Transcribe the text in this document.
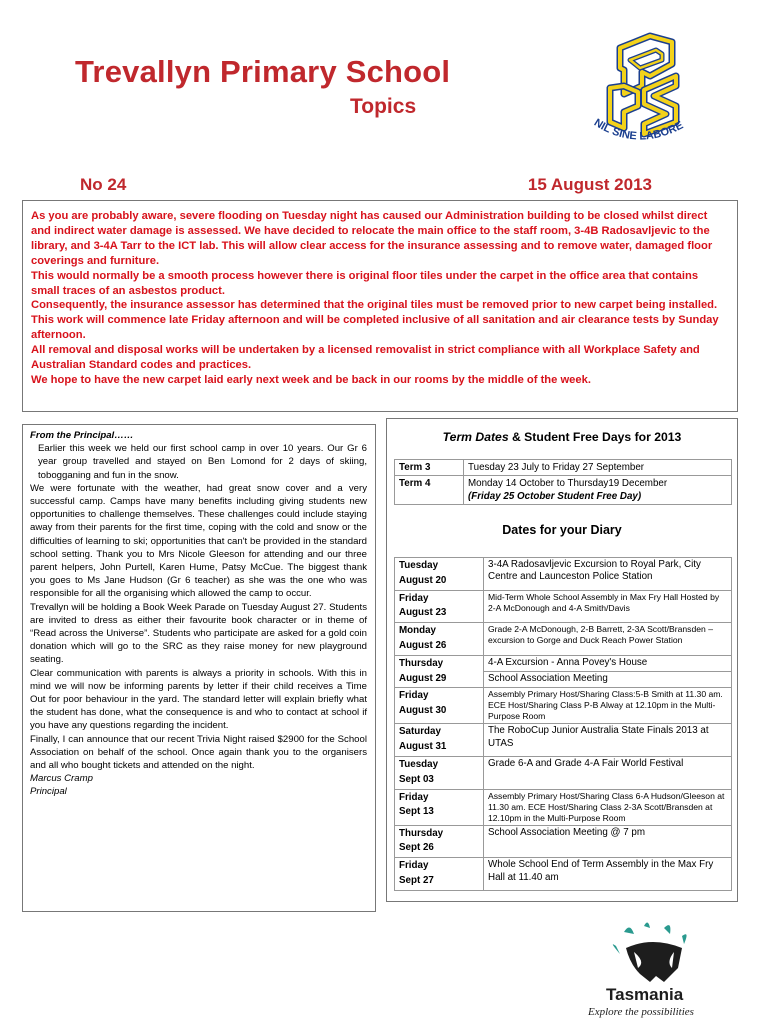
Trevallyn Primary School
Topics
No 24	15 August 2013
NIL SINE LABORE

As you are probably aware, severe flooding on Tuesday night has caused our Administration building to be closed whilst direct and indirect water damage is assessed. We have decided to relocate the main office to the staff room, 3-4B Radosavljevic to the library, and 3-4A Tarr to the ICT lab. This will allow clear access for the insurance assessing and to remove water, damaged floor coverings and furniture.

This would normally be a smooth process however there is original floor tiles under the carpet in the office area that contains small traces of an asbestos product.

Consequently, the insurance assessor has determined that the original tiles must be removed prior to new carpet being installed.

This work will commence late Friday afternoon and will be completed inclusive of all sanitation and air clearance tests by Sunday afternoon.

All removal and disposal works will be undertaken by a licensed removalist in strict compliance with all Workplace Safety and Australian Standard codes and practices.

We hope to have the new carpet laid early next week and be back in our rooms by the middle of the week.

From the Principal……

Earlier this week we held our first school camp in over 10 years. Our Gr 6 year group travelled and stayed on Ben Lomond for 2 days of skiing, tobogganing and fun in the snow.

We were fortunate with the weather, had great snow cover and a very successful camp. Camps have many benefits including giving students new opportunities to challenge themselves. These challenges could include staying away from their parents for the first time, coping with the cold and snow or the difficulties of learning to ski; opportunities that can't be provided in the standard school setting. Thank you to Mrs Nicole Gleeson for attending and our three parent helpers, John Purtell, Karen Hume, Patsy McCue. The biggest thank you goes to Ms Jane Hudson (Gr 6 teacher) as she was the one who was responsible for all the organising which allowed the camp to occur.

Trevallyn will be holding a Book Week Parade on Tuesday August 27. Students are invited to dress as either their favourite book character or in theme of “Read across the Universe”. Students who participate are asked for a gold coin donation which will go to the SRC as they raise money for new playground seating.

Clear communication with parents is always a priority in schools. With this in mind we will now be informing parents by letter if their child receives a Time Out for poor behaviour in the yard. The standard letter will explain briefly what the student has done, what the consequence is and who to contact at school if you have any questions regarding the incident.

Finally, I can announce that our recent Trivia Night raised $2900 for the School Association on behalf of the school. Once again thank you to the organisers and all who bought tickets and attended on the night.

Marcus Cramp

Principal

Term Dates & Student Free Days for 2013
Term 3	Tuesday 23 July to Friday 27 September
Term 4	Monday 14 October to Thursday19 December
(Friday 25 October Student Free Day)
Dates for your Diary
Tuesday
August 20	3-4A Radosavljevic Excursion to Royal Park, City Centre and Launceston Police Station

Friday
August 23	Mid-Term Whole School Assembly in Max Fry Hall Hosted by 2-A McDonough and 4-A Smith/Davis

Monday
August 26	Grade 2-A McDonough, 2-B Barrett, 2-3A Scott/Bransden – excursion to Gorge and Duck Reach Power Station

Thursday
August 29	4-A Excursion - Anna Povey's House
	School Association Meeting

Friday
August 30	Assembly Primary Host/Sharing Class:5-B Smith at 11.30 am. ECE Host/Sharing Class P-B Alway at 12.10pm in the Multi-Purpose Room

Saturday
August 31	The RoboCup Junior Australia State Finals 2013 at UTAS

Tuesday
Sept 03	Grade 6-A and Grade 4-A Fair World Festival

Friday
Sept 13	Assembly Primary Host/Sharing Class 6-A Hudson/Gleeson at 11.30 am. ECE Host/Sharing Class 2-3A Scott/Bransden at 12.10pm in the Multi-Purpose Room

Thursday
Sept 26	School Association Meeting @ 7 pm

Friday
Sept 27	Whole School End of Term Assembly in the Max Fry Hall at 11.40 am
Tasmania
Explore the possibilities
